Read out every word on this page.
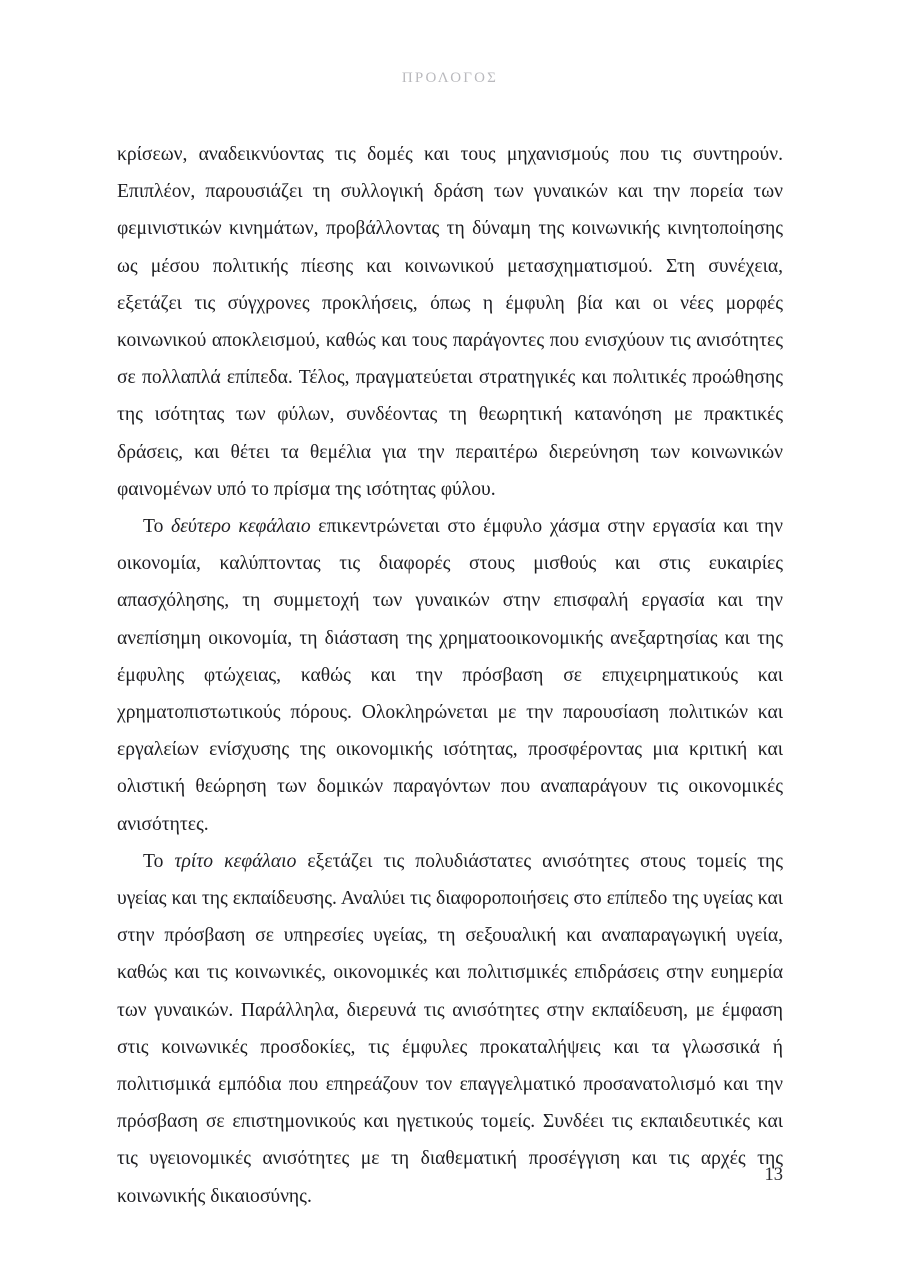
ΠΡΟΛΟΓΟΣ

κρίσεων, αναδεικνύοντας τις δομές και τους μηχανισμούς που τις συντηρούν. Επιπλέον, παρουσιάζει τη συλλογική δράση των γυναικών και την πορεία των φεμινιστικών κινημάτων, προβάλλοντας τη δύναμη της κοινωνικής κινητοποίησης ως μέσου πολιτικής πίεσης και κοινωνικού μετασχηματισμού. Στη συνέχεια, εξετάζει τις σύγχρονες προκλήσεις, όπως η έμφυλη βία και οι νέες μορφές κοινωνικού αποκλεισμού, καθώς και τους παράγοντες που ενισχύουν τις ανισότητες σε πολλαπλά επίπεδα. Τέλος, πραγματεύεται στρατηγικές και πολιτικές προώθησης της ισότητας των φύλων, συνδέοντας τη θεωρητική κατανόηση με πρακτικές δράσεις, και θέτει τα θεμέλια για την περαιτέρω διερεύνηση των κοινωνικών φαινομένων υπό το πρίσμα της ισότητας φύλου.

Το δεύτερο κεφάλαιο επικεντρώνεται στο έμφυλο χάσμα στην εργασία και την οικονομία, καλύπτοντας τις διαφορές στους μισθούς και στις ευκαιρίες απασχόλησης, τη συμμετοχή των γυναικών στην επισφαλή εργασία και την ανεπίσημη οικονομία, τη διάσταση της χρηματοοικονομικής ανεξαρτησίας και της έμφυλης φτώχειας, καθώς και την πρόσβαση σε επιχειρηματικούς και χρηματοπιστωτικούς πόρους. Ολοκληρώνεται με την παρουσίαση πολιτικών και εργαλείων ενίσχυσης της οικονομικής ισότητας, προσφέροντας μια κριτική και ολιστική θεώρηση των δομικών παραγόντων που αναπαράγουν τις οικονομικές ανισότητες.

Το τρίτο κεφάλαιο εξετάζει τις πολυδιάστατες ανισότητες στους τομείς της υγείας και της εκπαίδευσης. Αναλύει τις διαφοροποιήσεις στο επίπεδο της υγείας και στην πρόσβαση σε υπηρεσίες υγείας, τη σεξουαλική και αναπαραγωγική υγεία, καθώς και τις κοινωνικές, οικονομικές και πολιτισμικές επιδράσεις στην ευημερία των γυναικών. Παράλληλα, διερευνά τις ανισότητες στην εκπαίδευση, με έμφαση στις κοινωνικές προσδοκίες, τις έμφυλες προκαταλήψεις και τα γλωσσικά ή πολιτισμικά εμπόδια που επηρεάζουν τον επαγγελματικό προσανατολισμό και την πρόσβαση σε επιστημονικούς και ηγετικούς τομείς. Συνδέει τις εκπαιδευτικές και τις υγειονομικές ανισότητες με τη διαθεματική προσέγγιση και τις αρχές της κοινωνικής δικαιοσύνης.

13
